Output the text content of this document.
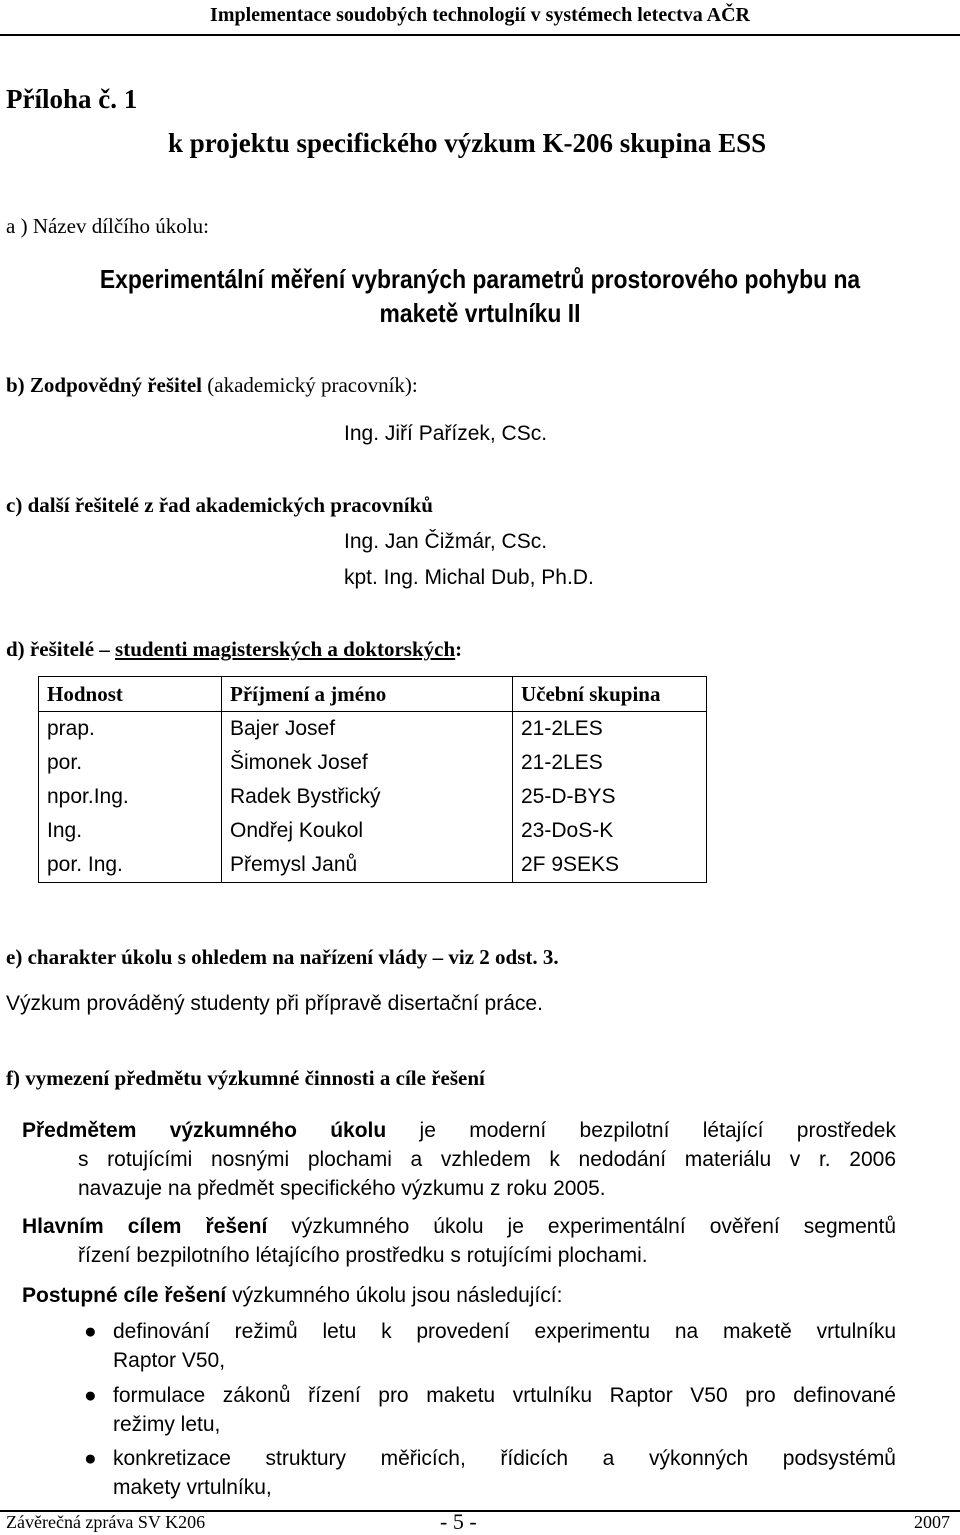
Implementace soudobých technologií v systémech letectva AČR
Příloha č. 1
k projektu specifického výzkum K-206 skupina ESS
a ) Název dílčího úkolu:
Experimentální měření vybraných parametrů prostorového pohybu na maketě vrtulníku II
b) Zodpovědný řešitel (akademický pracovník):
Ing. Jiří Pařízek, CSc.
c) další řešitelé z řad akademických pracovníků
Ing. Jan Čižmár, CSc.
kpt. Ing. Michal Dub, Ph.D.
d) řešitelé – studenti magisterských a doktorských:
Hodnost	Příjmení a jméno	Učební skupina
prap.	Bajer Josef	21-2LES
por.	Šimonek Josef	21-2LES
npor.Ing.	Radek Bystřický	25-D-BYS
Ing.	Ondřej Koukol	23-DoS-K
por. Ing.	Přemysl Janů	2F 9SEKS
e) charakter úkolu s ohledem na nařízení vlády – viz 2 odst. 3.
Výzkum prováděný studenty při přípravě disertační práce.
f) vymezení předmětu výzkumné činnosti a cíle řešení
Předmětem výzkumného úkolu je moderní bezpilotní létající prostředek
s rotujícími nosnými plochami a vzhledem k nedodání materiálu v r. 2006
navazuje na předmět specifického výzkumu z roku 2005.
Hlavním cílem řešení výzkumného úkolu je experimentální ověření segmentů
řízení bezpilotního létajícího prostředku s rotujícími plochami.
Postupné cíle řešení výzkumného úkolu jsou následující:
● definování režimů letu k provedení experimentu na maketě vrtulníku
Raptor V50,
● formulace zákonů řízení pro maketu vrtulníku Raptor V50 pro definované
režimy letu,
● konkretizace struktury měřicích, řídicích a výkonných podsystémů
makety vrtulníku,
Závěrečná zpráva SV K206	- 5 -	2007
